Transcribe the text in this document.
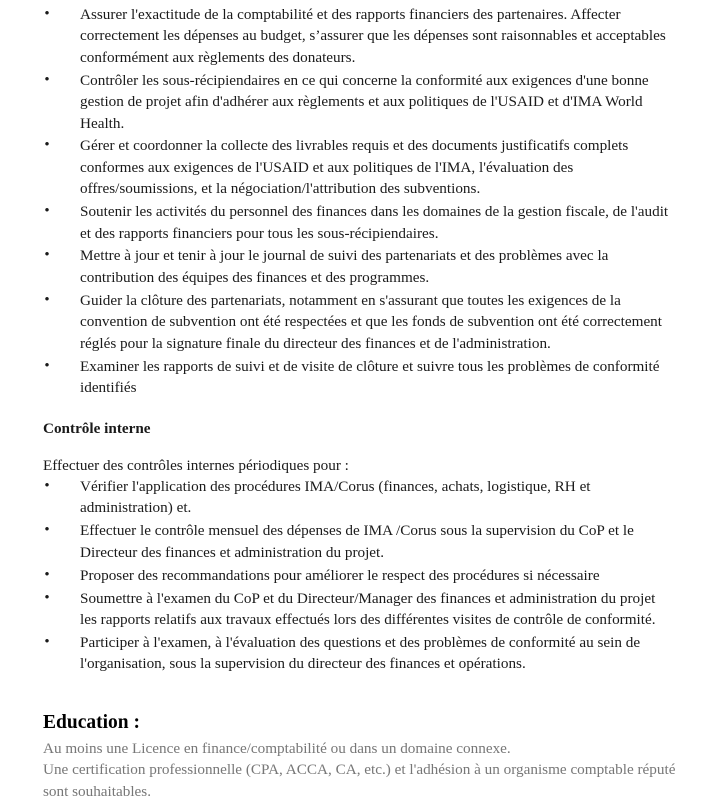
• Assurer l'exactitude de la comptabilité et des rapports financiers des partenaires. Affecter correctement les dépenses au budget, s’assurer que les dépenses sont raisonnables et acceptables conformément aux règlements des donateurs.
• Contrôler les sous-récipiendaires en ce qui concerne la conformité aux exigences d'une bonne gestion de projet afin d'adhérer aux règlements et aux politiques de l'USAID et d'IMA World Health.
• Gérer et coordonner la collecte des livrables requis et des documents justificatifs complets conformes aux exigences de l'USAID et aux politiques de l'IMA, l'évaluation des offres/soumissions, et la négociation/l'attribution des subventions.
• Soutenir les activités du personnel des finances dans les domaines de la gestion fiscale, de l'audit et des rapports financiers pour tous les sous-récipiendaires.
• Mettre à jour et tenir à jour le journal de suivi des partenariats et des problèmes avec la contribution des équipes des finances et des programmes.
• Guider la clôture des partenariats, notamment en s'assurant que toutes les exigences de la convention de subvention ont été respectées et que les fonds de subvention ont été correctement réglés pour la signature finale du directeur des finances et de l'administration.
• Examiner les rapports de suivi et de visite de clôture et suivre tous les problèmes de conformité identifiés
Contrôle interne
Effectuer des contrôles internes périodiques pour :
• Vérifier l'application des procédures IMA/Corus (finances, achats, logistique, RH et administration) et.
• Effectuer le contrôle mensuel des dépenses de IMA /Corus sous la supervision du CoP et le Directeur des finances et administration du projet.
• Proposer des recommandations pour améliorer le respect des procédures si nécessaire
• Soumettre à l'examen du CoP et du Directeur/Manager des finances et administration du projet les rapports relatifs aux travaux effectués lors des différentes visites de contrôle de conformité.
• Participer à l'examen, à l'évaluation des questions et des problèmes de conformité au sein de l'organisation, sous la supervision du directeur des finances et opérations.
Education :

Au moins une Licence en finance/comptabilité ou dans un domaine connexe.

Une certification professionnelle (CPA, ACCA, CA, etc.) et l'adhésion à un organisme comptable réputé sont souhaitables.
